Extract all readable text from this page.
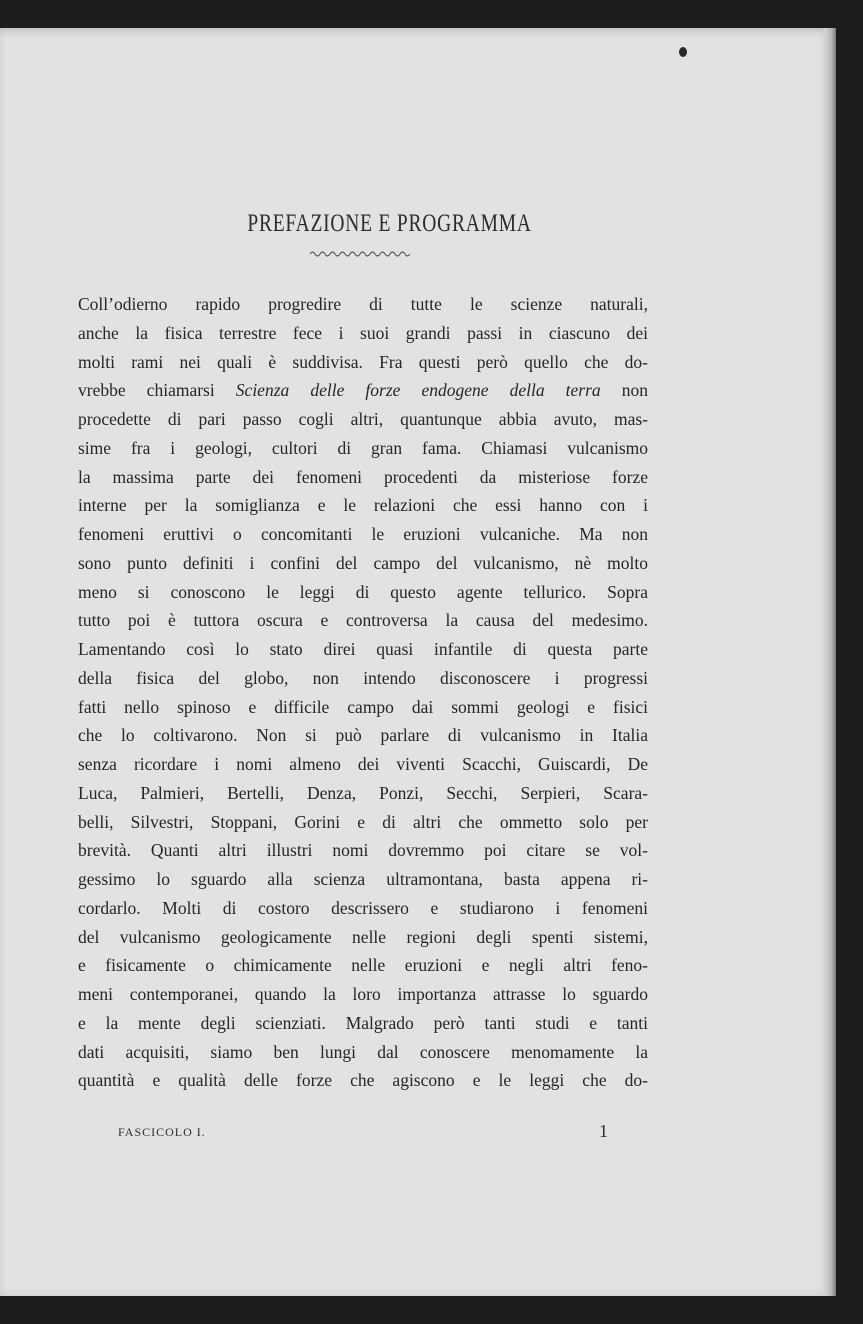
PREFAZIONE E PROGRAMMA
Coll’odierno rapido progredire di tutte le scienze naturali,
anche la fisica terrestre fece i suoi grandi passi in ciascuno dei
molti rami nei quali è suddivisa. Fra questi però quello che do-
vrebbe chiamarsi Scienza delle forze endogene della terra non
procedette di pari passo cogli altri, quantunque abbia avuto, mas-
sime fra i geologi, cultori di gran fama. Chiamasi vulcanismo
la massima parte dei fenomeni procedenti da misteriose forze
interne per la somiglianza e le relazioni che essi hanno con i
fenomeni eruttivi o concomitanti le eruzioni vulcaniche. Ma non
sono punto definiti i confini del campo del vulcanismo, nè molto
meno si conoscono le leggi di questo agente tellurico. Sopra
tutto poi è tuttora oscura e controversa la causa del medesimo.
Lamentando così lo stato direi quasi infantile di questa parte
della fisica del globo, non intendo disconoscere i progressi
fatti nello spinoso e difficile campo dai sommi geologi e fisici
che lo coltivarono. Non si può parlare di vulcanismo in Italia
senza ricordare i nomi almeno dei viventi Scacchi, Guiscardi, De
Luca, Palmieri, Bertelli, Denza, Ponzi, Secchi, Serpieri, Scara-
belli, Silvestri, Stoppani, Gorini e di altri che ommetto solo per
brevità. Quanti altri illustri nomi dovremmo poi citare se vol-
gessimo lo sguardo alla scienza ultramontana, basta appena ri-
cordarlo. Molti di costoro descrissero e studiarono i fenomeni
del vulcanismo geologicamente nelle regioni degli spenti sistemi,
e fisicamente o chimicamente nelle eruzioni e negli altri feno-
meni contemporanei, quando la loro importanza attrasse lo sguardo
e la mente degli scienziati. Malgrado però tanti studi e tanti
dati acquisiti, siamo ben lungi dal conoscere menomamente la
quantità e qualità delle forze che agiscono e le leggi che do-
FASCICOLO I.	1
